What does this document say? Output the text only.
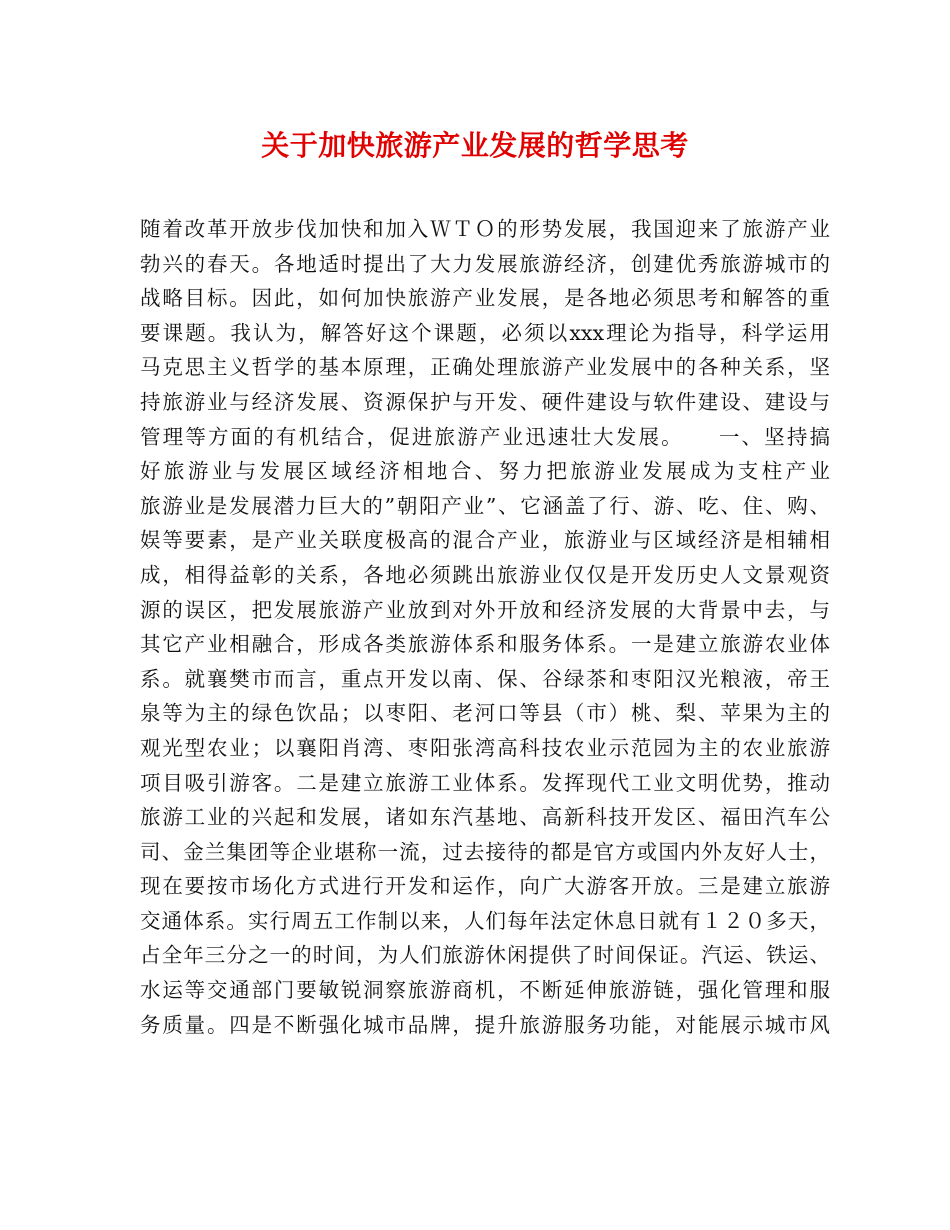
关于加快旅游产业发展的哲学思考
随着改革开放步伐加快和加入ＷＴＯ的形势发展，我国迎来了旅游产业
勃兴的春天。各地适时提出了大力发展旅游经济，创建优秀旅游城市的
战略目标。因此，如何加快旅游产业发展，是各地必须思考和解答的重
要课题。我认为，解答好这个课题，必须以xxx理论为指导，科学运用
马克思主义哲学的基本原理，正确处理旅游产业发展中的各种关系，坚
持旅游业与经济发展、资源保护与开发、硬件建设与软件建设、建设与
管理等方面的有机结合，促进旅游产业迅速壮大发展。　　一、坚持搞
好旅游业与发展区域经济相地合、努力把旅游业发展成为支柱产业
旅游业是发展潜力巨大的”朝阳产业”、它涵盖了行、游、吃、住、购、
娱等要素，是产业关联度极高的混合产业，旅游业与区域经济是相辅相
成，相得益彰的关系，各地必须跳出旅游业仅仅是开发历史人文景观资
源的误区，把发展旅游产业放到对外开放和经济发展的大背景中去，与
其它产业相融合，形成各类旅游体系和服务体系。一是建立旅游农业体
系。就襄樊市而言，重点开发以南、保、谷绿茶和枣阳汉光粮液，帝王
泉等为主的绿色饮品；以枣阳、老河口等县（市）桃、梨、苹果为主的
观光型农业；以襄阳肖湾、枣阳张湾高科技农业示范园为主的农业旅游
项目吸引游客。二是建立旅游工业体系。发挥现代工业文明优势，推动
旅游工业的兴起和发展，诸如东汽基地、高新科技开发区、福田汽车公
司、金兰集团等企业堪称一流，过去接待的都是官方或国内外友好人士，
现在要按市场化方式进行开发和运作，向广大游客开放。三是建立旅游
交通体系。实行周五工作制以来，人们每年法定休息日就有１２０多天，
占全年三分之一的时间，为人们旅游休闲提供了时间保证。汽运、铁运、
水运等交通部门要敏锐洞察旅游商机，不断延伸旅游链，强化管理和服
务质量。四是不断强化城市品牌，提升旅游服务功能，对能展示城市风
